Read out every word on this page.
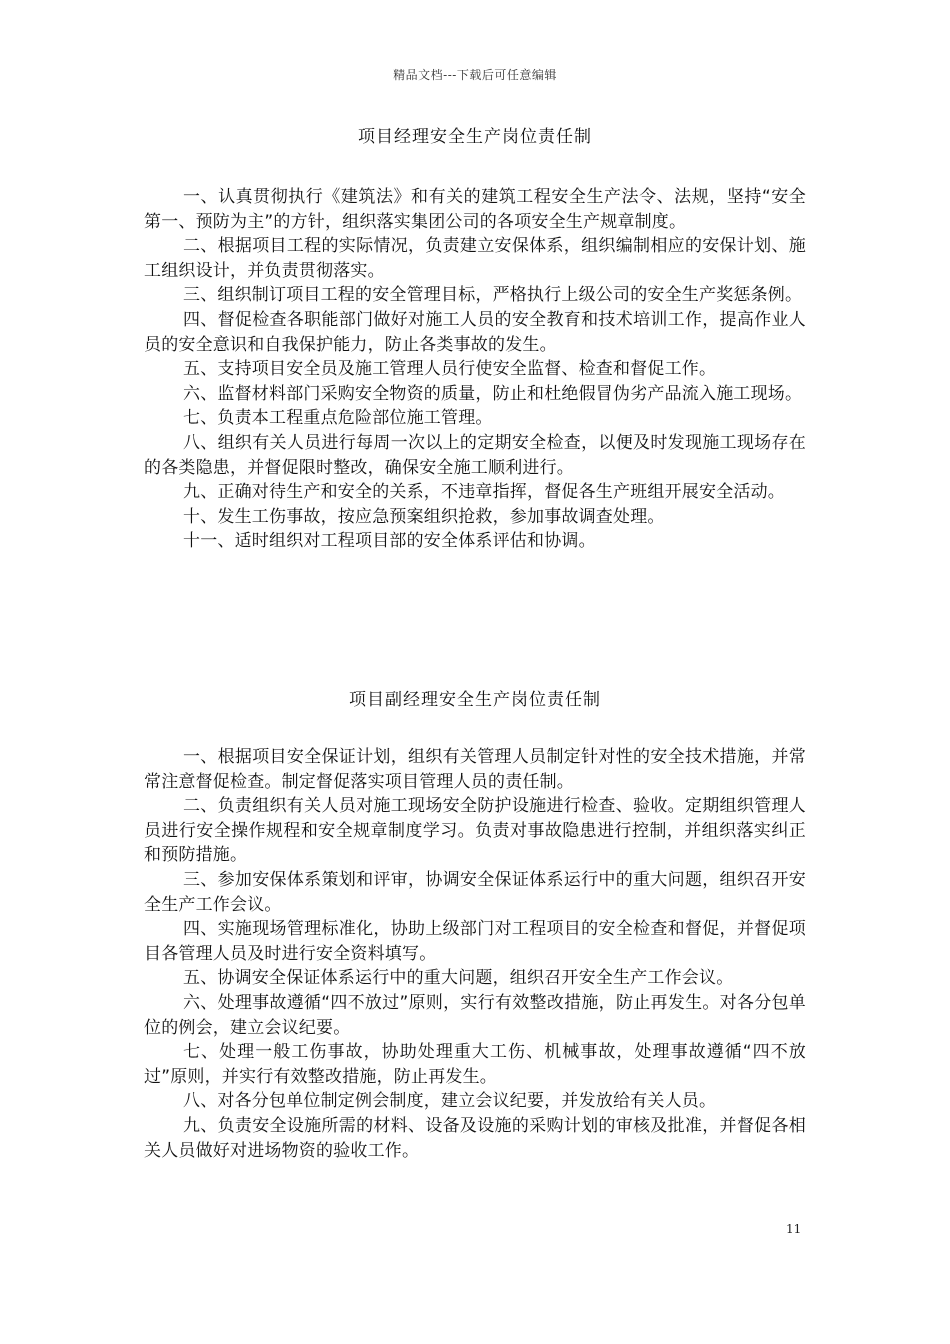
精品文档---下载后可任意编辑
项目经理安全生产岗位责任制

一、认真贯彻执行《建筑法》和有关的建筑工程安全生产法令、法规，坚持“安全第一、预防为主”的方针，组织落实集团公司的各项安全生产规章制度。

二、根据项目工程的实际情况，负责建立安保体系，组织编制相应的安保计划、施工组织设计，并负责贯彻落实。

三、组织制订项目工程的安全管理目标，严格执行上级公司的安全生产奖惩条例。

四、督促检查各职能部门做好对施工人员的安全教育和技术培训工作，提高作业人员的安全意识和自我保护能力，防止各类事故的发生。

五、支持项目安全员及施工管理人员行使安全监督、检查和督促工作。

六、监督材料部门采购安全物资的质量，防止和杜绝假冒伪劣产品流入施工现场。

七、负责本工程重点危险部位施工管理。

八、组织有关人员进行每周一次以上的定期安全检查，以便及时发现施工现场存在的各类隐患，并督促限时整改，确保安全施工顺利进行。

九、正确对待生产和安全的关系，不违章指挥，督促各生产班组开展安全活动。

十、发生工伤事故，按应急预案组织抢救，参加事故调查处理。

十一、适时组织对工程项目部的安全体系评估和协调。

项目副经理安全生产岗位责任制

一、根据项目安全保证计划，组织有关管理人员制定针对性的安全技术措施，并常常注意督促检查。制定督促落实项目管理人员的责任制。

二、负责组织有关人员对施工现场安全防护设施进行检查、验收。定期组织管理人员进行安全操作规程和安全规章制度学习。负责对事故隐患进行控制，并组织落实纠正和预防措施。

三、参加安保体系策划和评审，协调安全保证体系运行中的重大问题，组织召开安全生产工作会议。

四、实施现场管理标准化，协助上级部门对工程项目的安全检查和督促，并督促项目各管理人员及时进行安全资料填写。

五、协调安全保证体系运行中的重大问题，组织召开安全生产工作会议。

六、处理事故遵循“四不放过”原则，实行有效整改措施，防止再发生。对各分包单位的例会，建立会议纪要。

七、处理一般工伤事故，协助处理重大工伤、机械事故，处理事故遵循“四不放过”原则，并实行有效整改措施，防止再发生。

八、对各分包单位制定例会制度，建立会议纪要，并发放给有关人员。

九、负责安全设施所需的材料、设备及设施的采购计划的审核及批准，并督促各相关人员做好对进场物资的验收工作。

11
